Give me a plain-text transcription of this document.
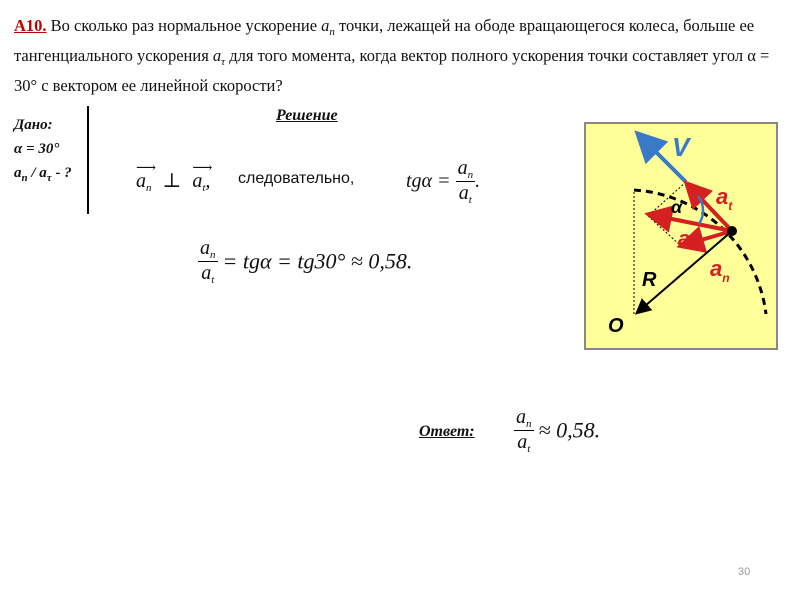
А10. Во сколько раз нормальное ускорение $a_n$ точки, лежащей на ободе вращающегося колеса, больше ее тангенциального ускорения $a_\tau$ для того момента, когда вектор полного ускорения точки составляет угол α = 30° с вектором ее линейной скорости?
Дано:
α = 30°
$a_n / a_\tau$ - ?
Решение
⟶
$a_n$ ⊥
⟶
$a_t$, следовательно,	$tg\alpha = \frac{a_n}{a_t}$ .
$\frac{a_n}{a_t} = tg\alpha = tg30^\circ \approx 0,58$.
Ответ: $\frac{a_n}{a_t} \approx 0,58$.
V
$a_t$
α
a
$a_n$
R
O
30
